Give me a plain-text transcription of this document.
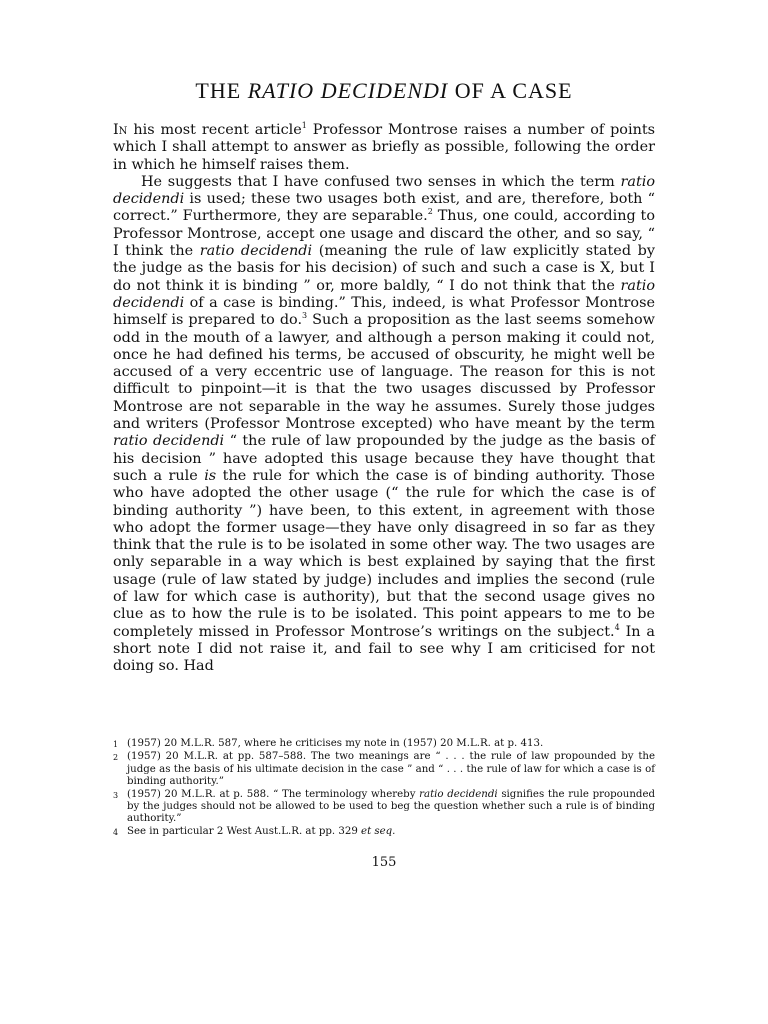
THE RATIO DECIDENDI OF A CASE

In his most recent article$^1$ Professor Montrose raises a number of points which I shall attempt to answer as briefly as possible, following the order in which he himself raises them.

He suggests that I have confused two senses in which the term ratio decidendi is used; these two usages both exist, and are, therefore, both “ correct.” Furthermore, they are separable.$^2$ Thus, one could, according to Professor Montrose, accept one usage and discard the other, and so say, “ I think the ratio decidendi (meaning the rule of law explicitly stated by the judge as the basis for his decision) of such and such a case is X, but I do not think it is binding ” or, more baldly, “ I do not think that the ratio decidendi of a case is binding.” This, indeed, is what Professor Montrose himself is prepared to do.$^3$ Such a proposition as the last seems somehow odd in the mouth of a lawyer, and although a person making it could not, once he had defined his terms, be accused of obscurity, he might well be accused of a very eccentric use of language. The reason for this is not difficult to pinpoint—it is that the two usages discussed by Professor Montrose are not separable in the way he assumes. Surely those judges and writers (Professor Montrose excepted) who have meant by the term ratio decidendi “ the rule of law propounded by the judge as the basis of his decision ” have adopted this usage because they have thought that such a rule is the rule for which the case is of binding authority. Those who have adopted the other usage (“ the rule for which the case is of binding authority ”) have been, to this extent, in agreement with those who adopt the former usage—they have only disagreed in so far as they think that the rule is to be isolated in some other way. The two usages are only separable in a way which is best explained by saying that the first usage (rule of law stated by judge) includes and implies the second (rule of law for which case is authority), but that the second usage gives no clue as to how the rule is to be isolated. This point appears to me to be completely missed in Professor Montrose’s writings on the subject.$^4$ In a short note I did not raise it, and fail to see why I am criticised for not doing so. Had

1 (1957) 20 M.L.R. 587, where he criticises my note in (1957) 20 M.L.R. at p. 413.
2 (1957) 20 M.L.R. at pp. 587–588. The two meanings are “ . . . the rule of law propounded by the judge as the basis of his ultimate decision in the case ” and “ . . . the rule of law for which a case is of binding authority.”
3 (1957) 20 M.L.R. at p. 588. “ The terminology whereby ratio decidendi signifies the rule propounded by the judges should not be allowed to be used to beg the question whether such a rule is of binding authority.”
4 See in particular 2 West Aust.L.R. at pp. 329 et seq.
155
